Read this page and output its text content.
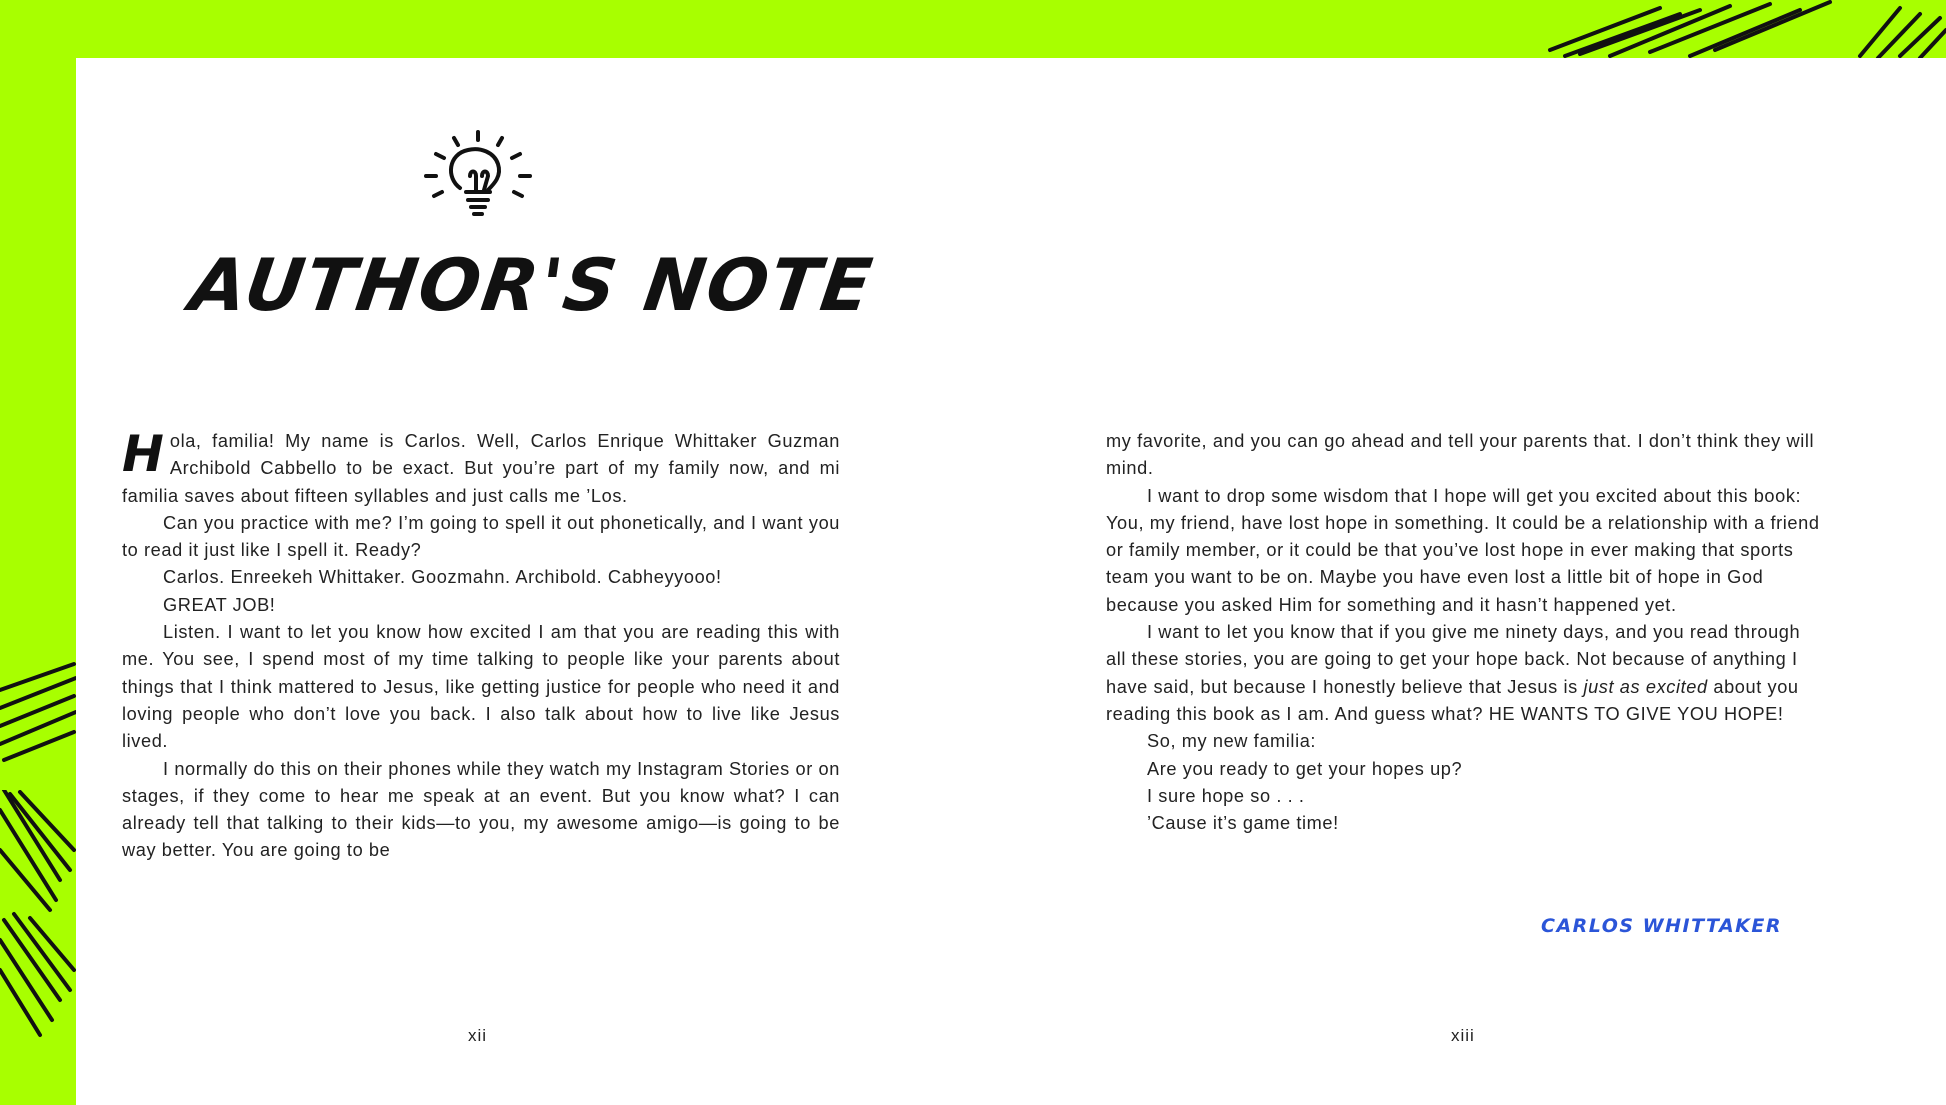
AUTHOR'S NOTE

Hola, familia! My name is Carlos. Well, Carlos Enrique Whittaker Guzman Archibold Cabbello to be exact. But you’re part of my family now, and mi familia saves about fifteen syllables and just calls me ’Los.

Can you practice with me? I’m going to spell it out phonetically, and I want you to read it just like I spell it. Ready?

Carlos. Enreekeh Whittaker. Goozmahn. Archibold. Cabheyyooo!

GREAT JOB!

Listen. I want to let you know how excited I am that you are reading this with me. You see, I spend most of my time talking to people like your parents about things that I think mattered to Jesus, like getting justice for people who need it and loving people who don’t love you back. I also talk about how to live like Jesus lived.

I normally do this on their phones while they watch my Instagram Stories or on stages, if they come to hear me speak at an event. But you know what? I can already tell that talking to their kids—to you, my awesome amigo—is going to be way better. You are going to be

my favorite, and you can go ahead and tell your parents that. I don’t think they will mind.

I want to drop some wisdom that I hope will get you excited about this book: You, my friend, have lost hope in something. It could be a relationship with a friend or family member, or it could be that you’ve lost hope in ever making that sports team you want to be on. Maybe you have even lost a little bit of hope in God because you asked Him for something and it hasn’t happened yet.

I want to let you know that if you give me ninety days, and you read through all these stories, you are going to get your hope back. Not because of anything I have said, but because I honestly believe that Jesus is just as excited about you reading this book as I am. And guess what? HE WANTS TO GIVE YOU HOPE!

So, my new familia:

Are you ready to get your hopes up?

I sure hope so . . .

’Cause it’s game time!

CARLOS WHITTAKER
xii	xiii
